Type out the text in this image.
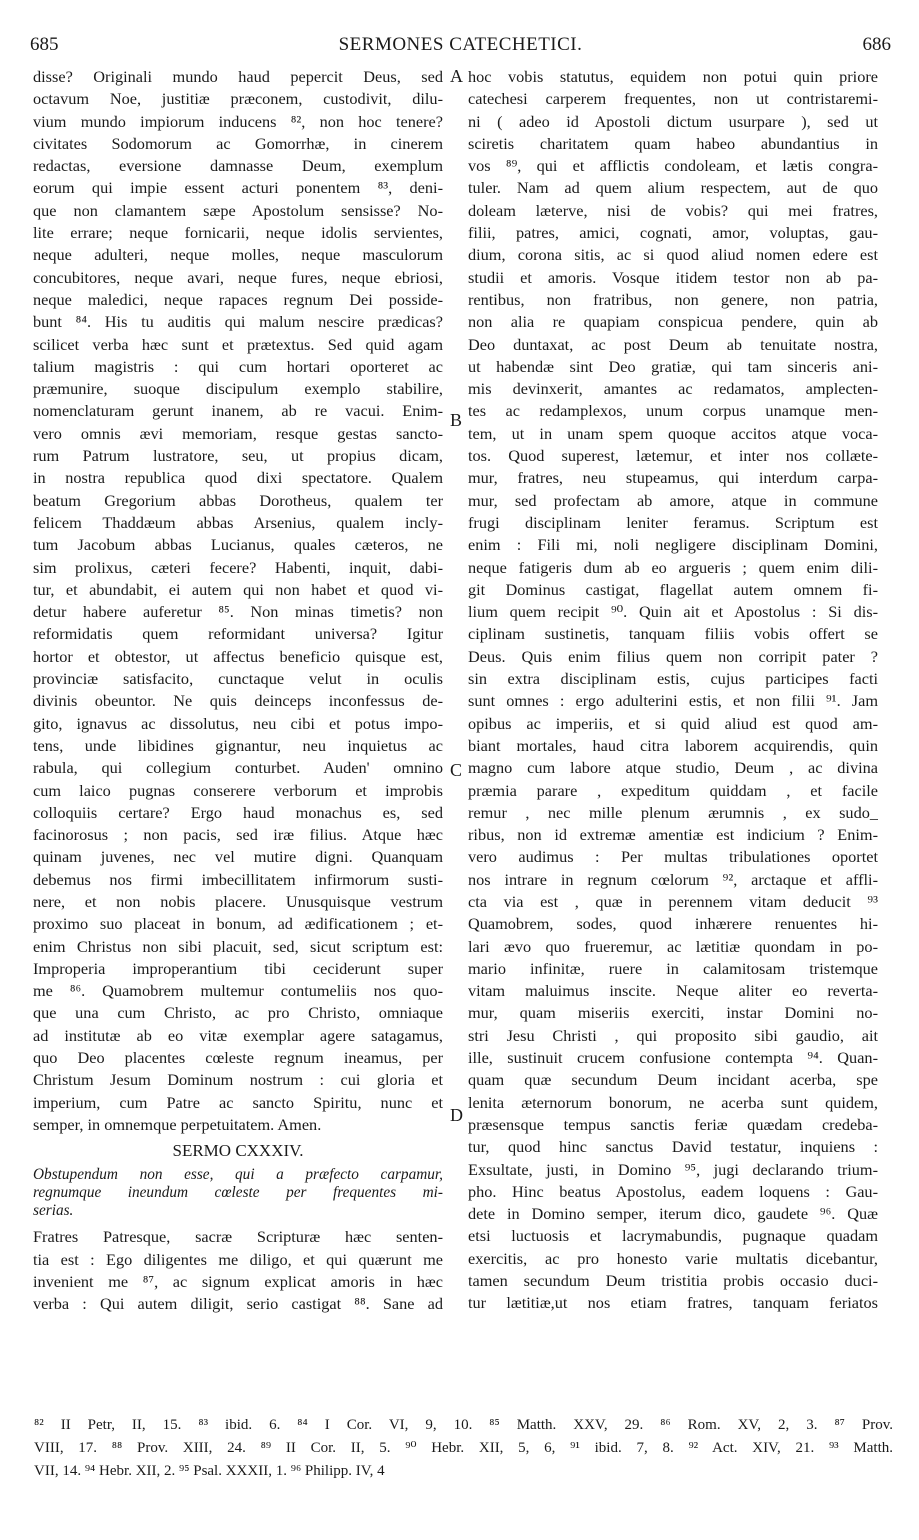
685	SERMONES CATECHETICI.	686
A
B
C
D
disse? Originali mundo haud pepercit Deus, sed
octavum Noe, justitiæ præconem, custodivit, dilu-
vium mundo impiorum inducens ⁸², non hoc tenere?
civitates Sodomorum ac Gomorrhæ, in cinerem
redactas, eversione damnasse Deum, exemplum
eorum qui impie essent acturi ponentem ⁸³, deni-
que non clamantem sæpe Apostolum sensisse? No-
lite errare; neque fornicarii, neque idolis servientes,
neque adulteri, neque molles, neque masculorum
concubitores, neque avari, neque fures, neque ebriosi,
neque maledici, neque rapaces regnum Dei posside-
bunt ⁸⁴. His tu auditis qui malum nescire prædicas?
scilicet verba hæc sunt et prætextus. Sed quid agam
talium magistris : qui cum hortari oporteret ac
præmunire, suoque discipulum exemplo stabilire,
nomenclaturam gerunt inanem, ab re vacui. Enim-
vero omnis ævi memoriam, resque gestas sancto-
rum Patrum lustratore, seu, ut propius dicam,
in nostra republica quod dixi spectatore. Qualem
beatum Gregorium abbas Dorotheus, qualem ter
felicem Thaddæum abbas Arsenius, qualem incly-
tum Jacobum abbas Lucianus, quales cæteros, ne
sim prolixus, cæteri fecere? Habenti, inquit, dabi-
tur, et abundabit, ei autem qui non habet et quod vi-
detur habere auferetur ⁸⁵. Non minas timetis? non
reformidatis quem reformidant universa? Igitur
hortor et obtestor, ut affectus beneficio quisque est,
provinciæ satisfacito, cunctaque velut in oculis
divinis obeuntor. Ne quis deinceps inconfessus de-
gito, ignavus ac dissolutus, neu cibi et potus impo-
tens, unde libidines gignantur, neu inquietus ac
rabula, qui collegium conturbet. Auden' omnino
cum laico pugnas conserere verborum et improbis
colloquiis certare? Ergo haud monachus es, sed
facinorosus ; non pacis, sed iræ filius. Atque hæc
quinam juvenes, nec vel mutire digni. Quanquam
debemus nos firmi imbecillitatem infirmorum susti-
nere, et non nobis placere. Unusquisque vestrum
proximo suo placeat in bonum, ad ædificationem ; et-
enim Christus non sibi placuit, sed, sicut scriptum est:
Improperia improperantium tibi ceciderunt super
me ⁸⁶. Quamobrem multemur contumeliis nos quo-
que una cum Christo, ac pro Christo, omniaque
ad institutæ ab eo vitæ exemplar agere satagamus,
quo Deo placentes cœleste regnum ineamus, per
Christum Jesum Dominum nostrum : cui gloria et
imperium, cum Patre ac sancto Spiritu, nunc et
semper, in omnemque perpetuitatem. Amen.
SERMO CXXXIV.
Obstupendum non esse, qui a præfecto carpamur,
regnumque ineundum cœleste per frequentes mi-
serias.
Fratres Patresque, sacræ Scripturæ hæc senten-
tia est : Ego diligentes me diligo, et qui quærunt me
invenient me ⁸⁷, ac signum explicat amoris in hæc
verba : Qui autem diligit, serio castigat ⁸⁸. Sane ad
hoc vobis statutus, equidem non potui quin priore
catechesi carperem frequentes, non ut contristaremi-
ni ( adeo id Apostoli dictum usurpare ), sed ut
sciretis charitatem quam habeo abundantius in
vos ⁸⁹, qui et afflictis condoleam, et lætis congra-
tuler. Nam ad quem alium respectem, aut de quo
doleam læterve, nisi de vobis? qui mei fratres,
filii, patres, amici, cognati, amor, voluptas, gau-
dium, corona sitis, ac si quod aliud nomen edere est
studii et amoris. Vosque itidem testor non ab pa-
rentibus, non fratribus, non genere, non patria,
non alia re quapiam conspicua pendere, quin ab
Deo duntaxat, ac post Deum ab tenuitate nostra,
ut habendæ sint Deo gratiæ, qui tam sinceris ani-
mis devinxerit, amantes ac redamatos, amplecten-
tes ac redamplexos, unum corpus unamque men-
tem, ut in unam spem quoque accitos atque voca-
tos. Quod superest, lætemur, et inter nos collæte-
mur, fratres, neu stupeamus, qui interdum carpa-
mur, sed profectam ab amore, atque in commune
frugi disciplinam leniter feramus. Scriptum est
enim : Fili mi, noli negligere disciplinam Domini,
neque fatigeris dum ab eo argueris ; quem enim dili-
git Dominus castigat, flagellat autem omnem fi-
lium quem recipit ⁹⁰. Quin ait et Apostolus : Si dis-
ciplinam sustinetis, tanquam filiis vobis offert se
Deus. Quis enim filius quem non corripit pater ?
sin extra disciplinam estis, cujus participes facti
sunt omnes : ergo adulterini estis, et non filii ⁹¹. Jam
opibus ac imperiis, et si quid aliud est quod am-
biant mortales, haud citra laborem acquirendis, quin
magno cum labore atque studio, Deum , ac divina
præmia parare , expeditum quiddam , et facile
remur , nec mille plenum ærumnis , ex sudo_
ribus, non id extremæ amentiæ est indicium ? Enim-
vero audimus : Per multas tribulationes oportet
nos intrare in regnum cœlorum ⁹², arctaque et affli-
cta via est , quæ in perennem vitam deducit ⁹³
Quamobrem, sodes, quod inhærere renuentes hi-
lari ævo quo frueremur, ac lætitiæ quondam in po-
mario infinitæ, ruere in calamitosam tristemque
vitam maluimus inscite. Neque aliter eo reverta-
mur, quam miseriis exerciti, instar Domini no-
stri Jesu Christi , qui proposito sibi gaudio, ait
ille, sustinuit crucem confusione contempta ⁹⁴. Quan-
quam quæ secundum Deum incidant acerba, spe
lenita æternorum bonorum, ne acerba sunt quidem,
præsensque tempus sanctis feriæ quædam credeba-
tur, quod hinc sanctus David testatur, inquiens :
Exsultate, justi, in Domino ⁹⁵, jugi declarando trium-
pho. Hinc beatus Apostolus, eadem loquens : Gau-
dete in Domino semper, iterum dico, gaudete ⁹⁶. Quæ
etsi luctuosis et lacrymabundis, pugnaque quadam
exercitis, ac pro honesto varie multatis dicebantur,
tamen secundum Deum tristitia probis occasio duci-
tur lætitiæ,ut nos etiam fratres, tanquam feriatos
⁸² II Petr, II, 15. ⁸³ ibid. 6. ⁸⁴ I Cor. VI, 9, 10. ⁸⁵ Matth. XXV, 29. ⁸⁶ Rom. XV, 2, 3. ⁸⁷ Prov.
VIII, 17. ⁸⁸ Prov. XIII, 24. ⁸⁹ II Cor. II, 5. ⁹⁰ Hebr. XII, 5, 6, ⁹¹ ibid. 7, 8. ⁹² Act. XIV, 21. ⁹³ Matth.
VII, 14. ⁹⁴ Hebr. XII, 2. ⁹⁵ Psal. XXXII, 1. ⁹⁶ Philipp. IV, 4
